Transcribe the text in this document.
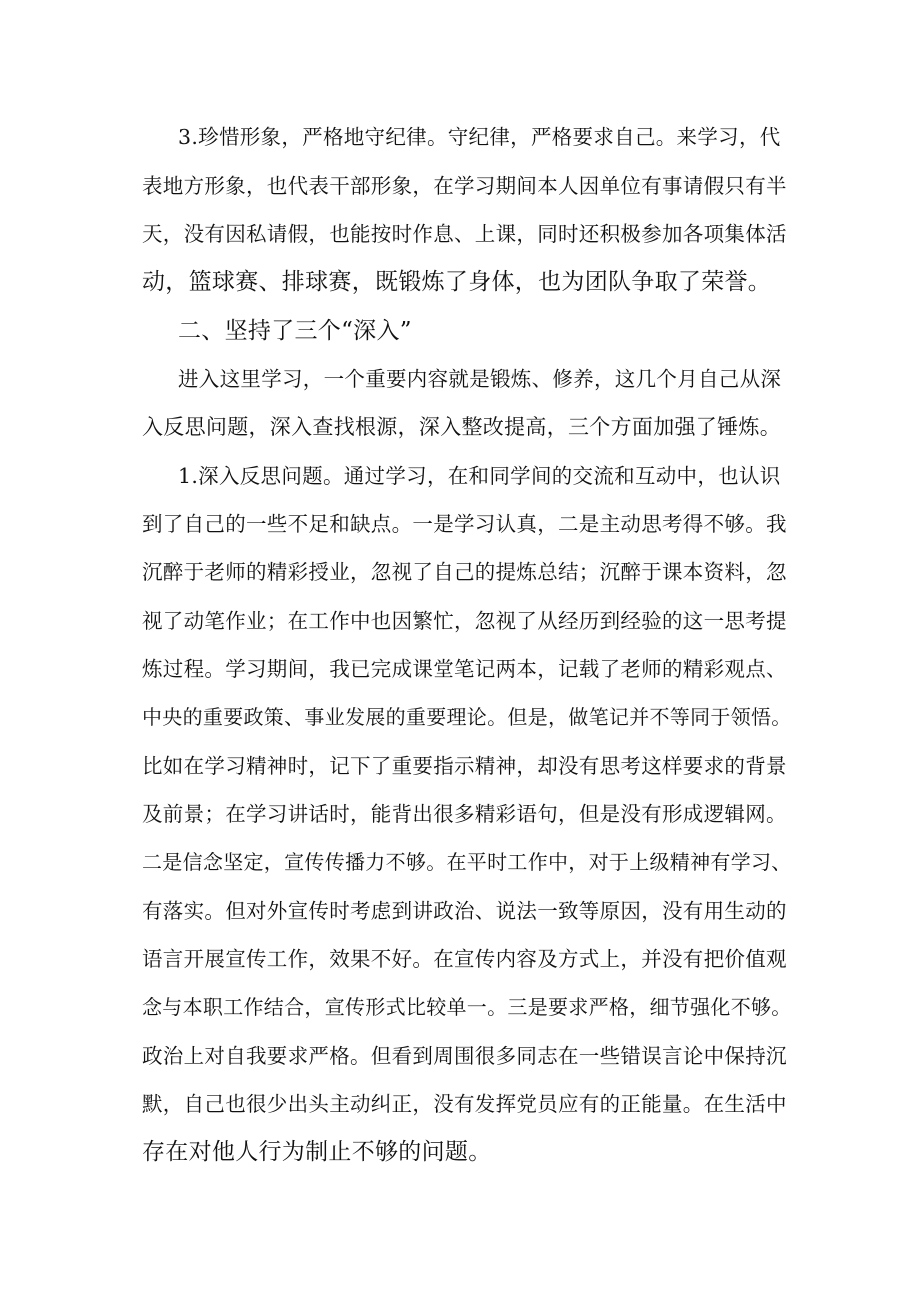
3.珍惜形象，严格地守纪律。守纪律，严格要求自己。来学习，代
表地方形象，也代表干部形象，在学习期间本人因单位有事请假只有半
天，没有因私请假，也能按时作息、上课，同时还积极参加各项集体活
动，篮球赛、排球赛，既锻炼了身体，也为团队争取了荣誉。
二、坚持了三个“深入”
进入这里学习，一个重要内容就是锻炼、修养，这几个月自己从深
入反思问题，深入查找根源，深入整改提高，三个方面加强了锤炼。
1.深入反思问题。通过学习，在和同学间的交流和互动中，也认识
到了自己的一些不足和缺点。一是学习认真，二是主动思考得不够。我
沉醉于老师的精彩授业，忽视了自己的提炼总结；沉醉于课本资料，忽
视了动笔作业；在工作中也因繁忙，忽视了从经历到经验的这一思考提
炼过程。学习期间，我已完成课堂笔记两本，记载了老师的精彩观点、
中央的重要政策、事业发展的重要理论。但是，做笔记并不等同于领悟。
比如在学习精神时，记下了重要指示精神，却没有思考这样要求的背景
及前景；在学习讲话时，能背出很多精彩语句，但是没有形成逻辑网。
二是信念坚定，宣传传播力不够。在平时工作中，对于上级精神有学习、
有落实。但对外宣传时考虑到讲政治、说法一致等原因，没有用生动的
语言开展宣传工作，效果不好。在宣传内容及方式上，并没有把价值观
念与本职工作结合，宣传形式比较单一。三是要求严格，细节强化不够。
政治上对自我要求严格。但看到周围很多同志在一些错误言论中保持沉
默，自己也很少出头主动纠正，没有发挥党员应有的正能量。在生活中
存在对他人行为制止不够的问题。
